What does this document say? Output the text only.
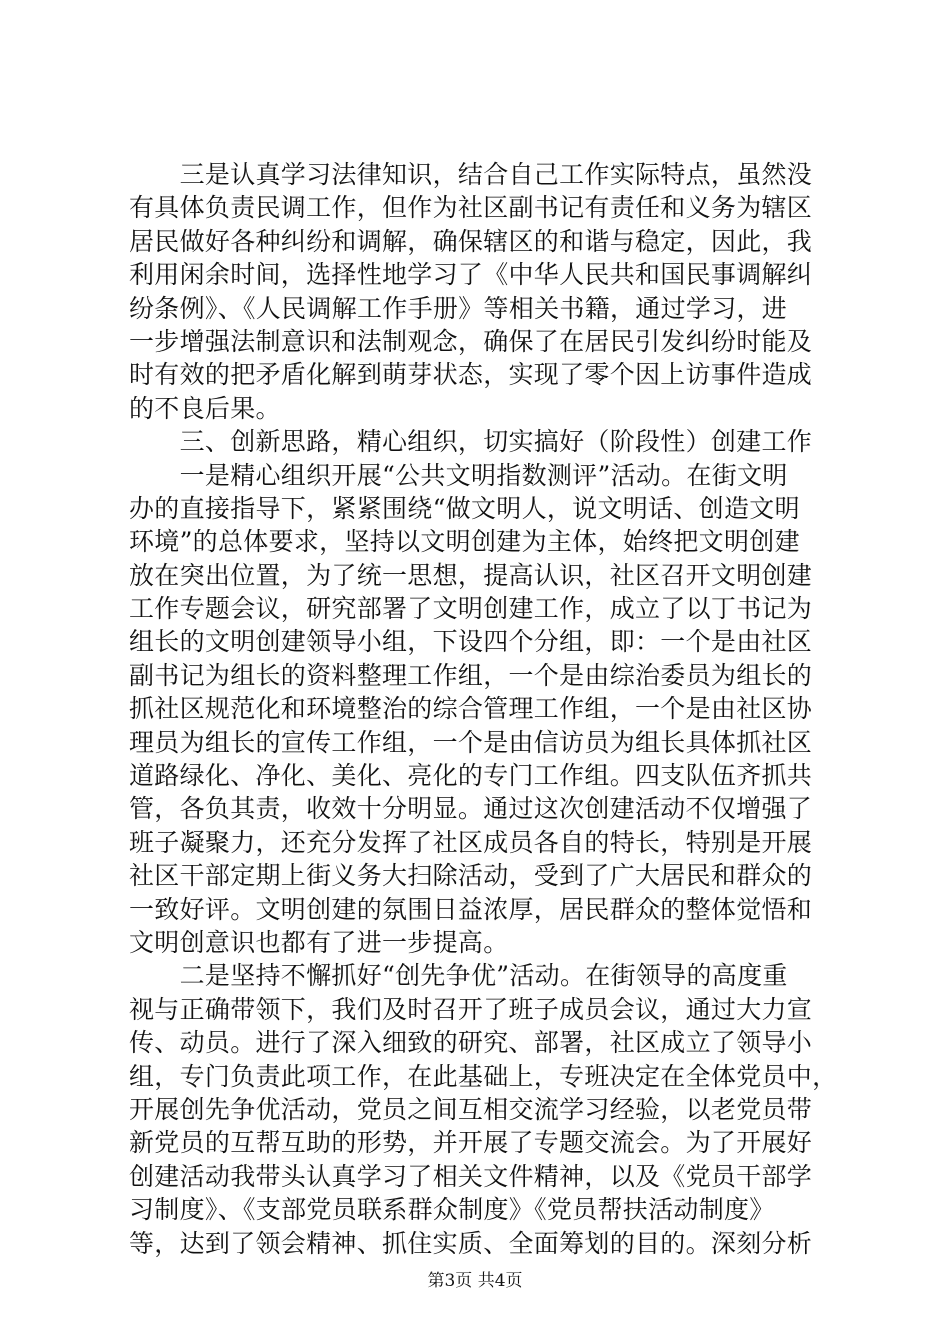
　　三是认真学习法律知识，结合自己工作实际特点，虽然没
有具体负责民调工作，但作为社区副书记有责任和义务为辖区
居民做好各种纠纷和调解，确保辖区的和谐与稳定，因此，我
利用闲余时间，选择性地学习了《中华人民共和国民事调解纠
纷条例》、《人民调解工作手册》等相关书籍，通过学习，进
一步增强法制意识和法制观念，确保了在居民引发纠纷时能及
时有效的把矛盾化解到萌芽状态，实现了零个因上访事件造成
的不良后果。
　　三、创新思路，精心组织，切实搞好（阶段性）创建工作
　　一是精心组织开展“公共文明指数测评”活动。在街文明
办的直接指导下，紧紧围绕“做文明人，说文明话、创造文明
环境”的总体要求，坚持以文明创建为主体，始终把文明创建
放在突出位置，为了统一思想，提高认识，社区召开文明创建
工作专题会议，研究部署了文明创建工作，成立了以丁书记为
组长的文明创建领导小组，下设四个分组，即：一个是由社区
副书记为组长的资料整理工作组，一个是由综治委员为组长的
抓社区规范化和环境整治的综合管理工作组，一个是由社区协
理员为组长的宣传工作组，一个是由信访员为组长具体抓社区
道路绿化、净化、美化、亮化的专门工作组。四支队伍齐抓共
管，各负其责，收效十分明显。通过这次创建活动不仅增强了
班子凝聚力，还充分发挥了社区成员各自的特长，特别是开展
社区干部定期上街义务大扫除活动，受到了广大居民和群众的
一致好评。文明创建的氛围日益浓厚，居民群众的整体觉悟和
文明创意识也都有了进一步提高。
　　二是坚持不懈抓好“创先争优”活动。在街领导的高度重
视与正确带领下，我们及时召开了班子成员会议，通过大力宣
传、动员。进行了深入细致的研究、部署，社区成立了领导小
组，专门负责此项工作，在此基础上，专班决定在全体党员中，
开展创先争优活动，党员之间互相交流学习经验，以老党员带
新党员的互帮互助的形势，并开展了专题交流会。为了开展好
创建活动我带头认真学习了相关文件精神，以及《党员干部学
习制度》、《支部党员联系群众制度》《党员帮扶活动制度》
等，达到了领会精神、抓住实质、全面筹划的目的。深刻分析
第3页 共4页
